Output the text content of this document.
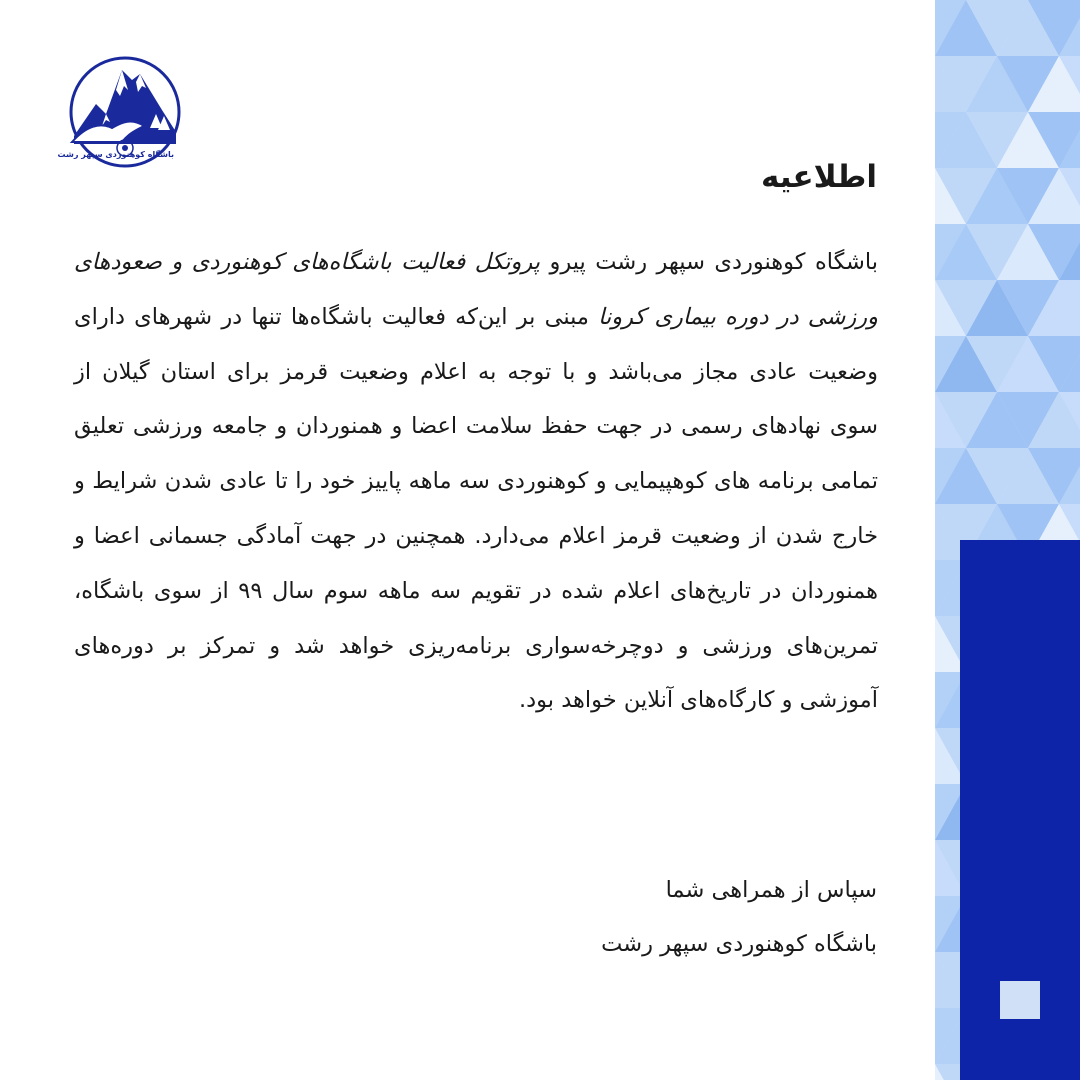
باشگاه کوهنوردی سپهر رشت
اطلاعیه

باشگاه کوهنوردی سپهر رشت پیرو پروتکل فعالیت باشگاه‌های کوهنوردی و صعودهای ورزشی در دوره بیماری کرونا مبنی بر این‌که فعالیت باشگاه‌ها تنها در شهرهای دارای وضعیت عادی مجاز می‌باشد و با توجه به اعلام وضعیت قرمز برای استان گیلان از سوی نهادهای رسمی در جهت حفظ سلامت اعضا و همنوردان و جامعه ورزشی تعلیق تمامی برنامه های کوهپیمایی و کوهنوردی سه ماهه پاییز خود را تا عادی شدن شرایط و خارج شدن از وضعیت قرمز اعلام می‌دارد. همچنین در جهت آمادگی جسمانی اعضا و همنوردان در تاریخ‌های اعلام شده در تقویم سه ماهه سوم سال ۹۹ از سوی باشگاه، تمرین‌های ورزشی و دوچرخه‌سواری برنامه‌ریزی خواهد شد و تمرکز بر دوره‌های آموزشی و کارگاه‌های آنلاین خواهد بود.

سپاس از همراهی شما
باشگاه کوهنوردی سپهر رشت
